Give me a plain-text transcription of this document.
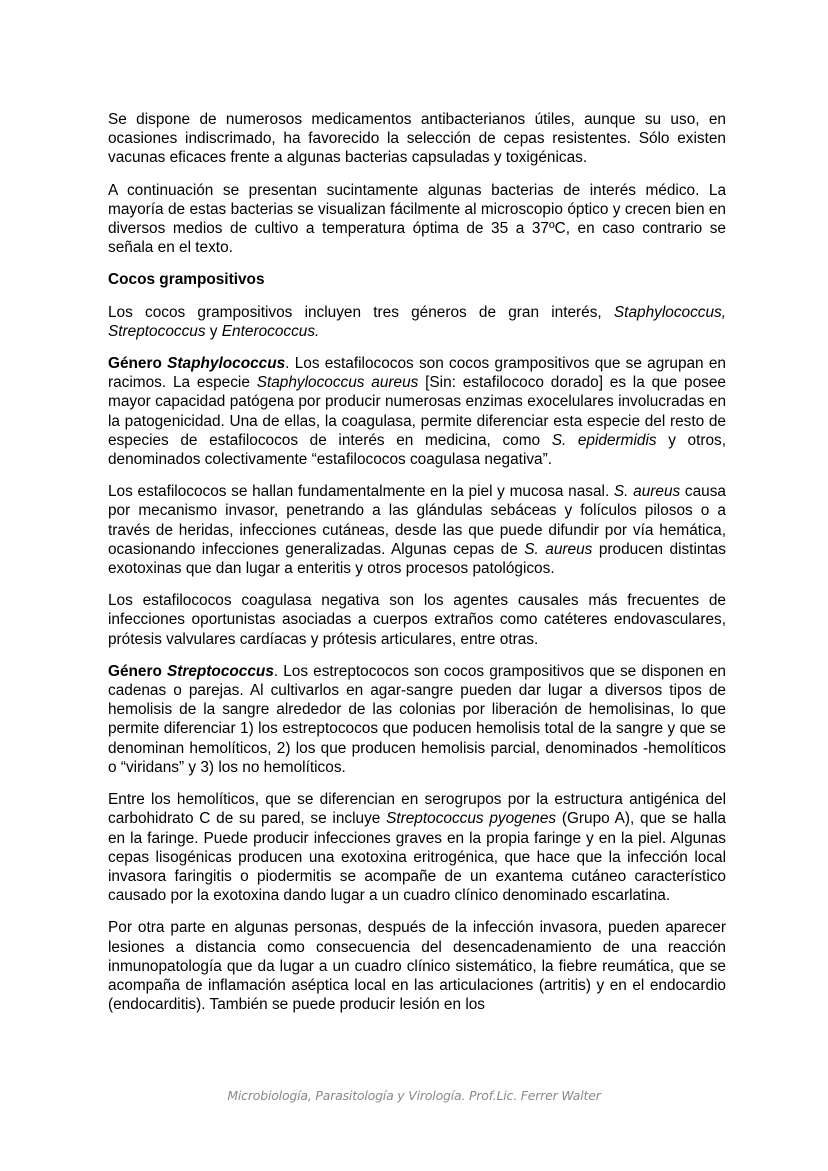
Se dispone de numerosos medicamentos antibacterianos útiles, aunque su uso, en ocasiones indiscrimado, ha favorecido la selección de cepas resistentes. Sólo existen vacunas eficaces frente a algunas bacterias capsuladas y toxigénicas.

A continuación se presentan sucintamente algunas bacterias de interés médico. La mayoría de estas bacterias se visualizan fácilmente al microscopio óptico y crecen bien en diversos medios de cultivo a temperatura óptima de 35 a 37ºC, en caso contrario se señala en el texto.

Cocos grampositivos

Los cocos grampositivos incluyen tres géneros de gran interés, Staphylococcus, Streptococcus y Enterococcus.

Género Staphylococcus. Los estafilococos son cocos grampositivos que se agrupan en racimos. La especie Staphylococcus aureus [Sin: estafilococo dorado] es la que posee mayor capacidad patógena por producir numerosas enzimas exocelulares involucradas en la patogenicidad. Una de ellas, la coagulasa, permite diferenciar esta especie del resto de especies de estafilococos de interés en medicina, como S. epidermidis y otros, denominados colectivamente “estafilococos coagulasa negativa”.

Los estafilococos se hallan fundamentalmente en la piel y mucosa nasal. S. aureus causa por mecanismo invasor, penetrando a las glándulas sebáceas y folículos pilosos o a través de heridas, infecciones cutáneas, desde las que puede difundir por vía hemática, ocasionando infecciones generalizadas. Algunas cepas de S. aureus producen distintas exotoxinas que dan lugar a enteritis y otros procesos patológicos.

Los estafilococos coagulasa negativa son los agentes causales más frecuentes de infecciones oportunistas asociadas a cuerpos extraños como catéteres endovasculares, prótesis valvulares cardíacas y prótesis articulares, entre otras.

Género Streptococcus. Los estreptococos son cocos grampositivos que se disponen en cadenas o parejas. Al cultivarlos en agar-sangre pueden dar lugar a diversos tipos de hemolisis de la sangre alrededor de las colonias por liberación de hemolisinas, lo que permite diferenciar 1) los estreptococos que poducen hemolisis total de la sangre y que se denominan hemolíticos, 2) los que producen hemolisis parcial, denominados -hemolíticos o “viridans” y 3) los no hemolíticos.

Entre los hemolíticos, que se diferencian en serogrupos por la estructura antigénica del carbohidrato C de su pared, se incluye Streptococcus pyogenes (Grupo A), que se halla en la faringe. Puede producir infecciones graves en la propia faringe y en la piel. Algunas cepas lisogénicas producen una exotoxina eritrogénica, que hace que la infección local invasora faringitis o piodermitis se acompañe de un exantema cutáneo característico causado por la exotoxina dando lugar a un cuadro clínico denominado escarlatina.

Por otra parte en algunas personas, después de la infección invasora, pueden aparecer lesiones a distancia como consecuencia del desencadenamiento de una reacción inmunopatología que da lugar a un cuadro clínico sistemático, la fiebre reumática, que se acompaña de inflamación aséptica local en las articulaciones (artritis) y en el endocardio (endocarditis). También se puede producir lesión en los

Microbiología, Parasitología y Virología. Prof.Lic. Ferrer Walter
